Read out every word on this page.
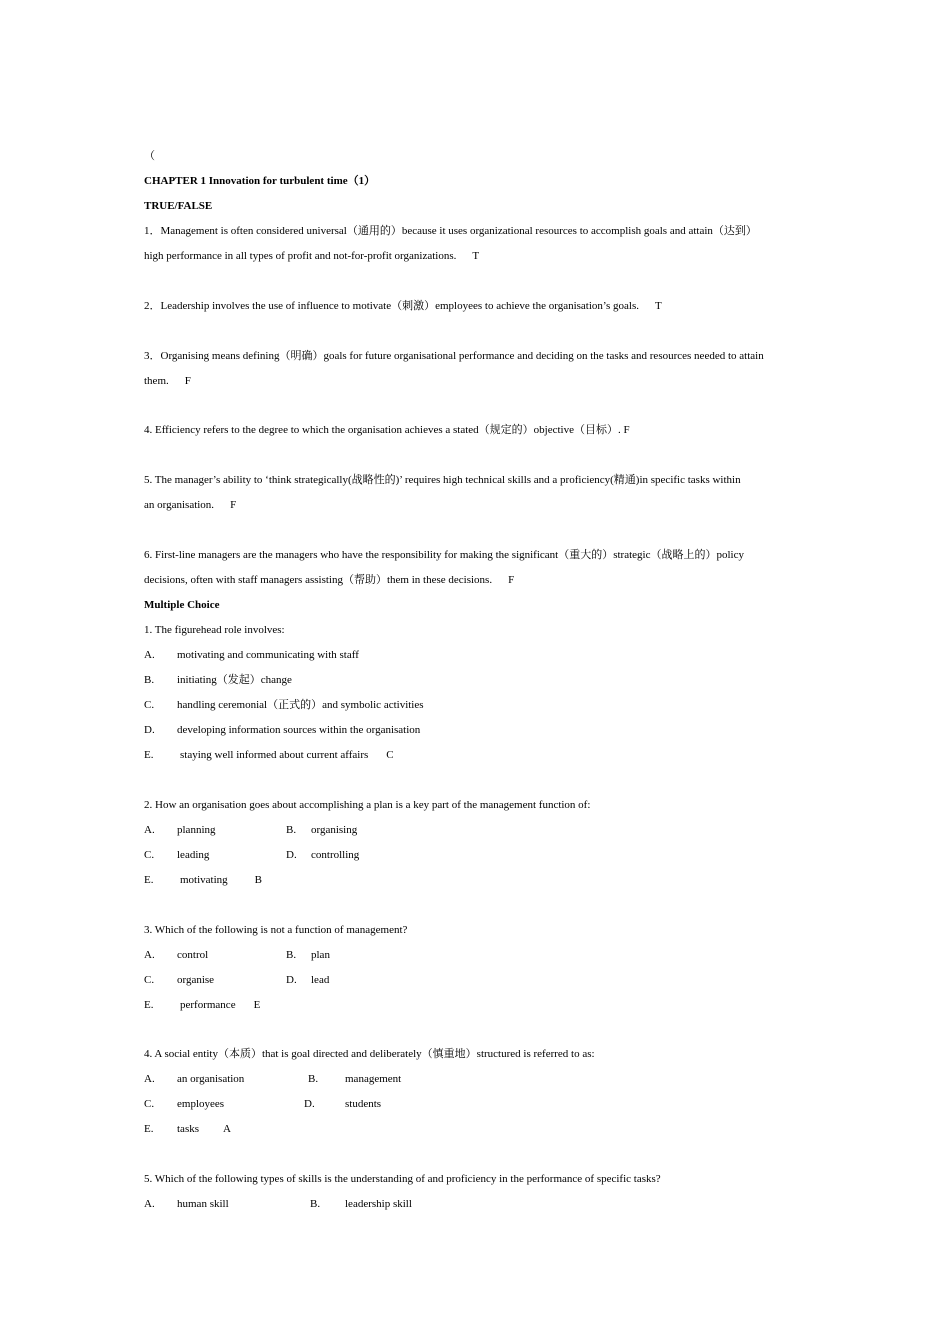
（
CHAPTER 1 Innovation for turbulent time（1）
TRUE/FALSE
1．Management is often considered universal（通用的）because it uses organizational resources to accomplish goals and attain（达到）
high performance in all types of profit and not-for-profit organizations. T
2．Leadership involves the use of influence to motivate（刺激）employees to achieve the organisation’s goals. T
3．Organising means defining（明确）goals for future organisational performance and deciding on the tasks and resources needed to attain
them. F
4. Efficiency refers to the degree to which the organisation achieves a stated（规定的）objective（目标）. F
5. The manager’s ability to ‘think strategically(战略性的)’ requires high technical skills and a proficiency(精通)in specific tasks within
an organisation. F
6. First-line managers are the managers who have the responsibility for making the significant（重大的）strategic（战略上的）policy
decisions, often with staff managers assisting（帮助）them in these decisions. F
Multiple Choice
1. The figurehead role involves:
A.	motivating and communicating with staff
B.	initiating（发起）change
C.	handling ceremonial（正式的）and symbolic activities
D.	developing information sources within the organisation
E.	staying well informed about current affairs C
2. How an organisation goes about accomplishing a plan is a key part of the management function of:
A.	planning	B.	organising
C.	leading	D.	controlling
E.	motivating B
3. Which of the following is not a function of management?
A.	control	B.	plan
C.	organise	D.	lead
E.	performance E
4. A social entity（本质）that is goal directed and deliberately（慎重地）structured is referred to as:
A.	an organisation	B.	management
C.	employees	D.	students
E.	tasks A
5. Which of the following types of skills is the understanding of and proficiency in the performance of specific tasks?
A.	human skill	B.	leadership skill
